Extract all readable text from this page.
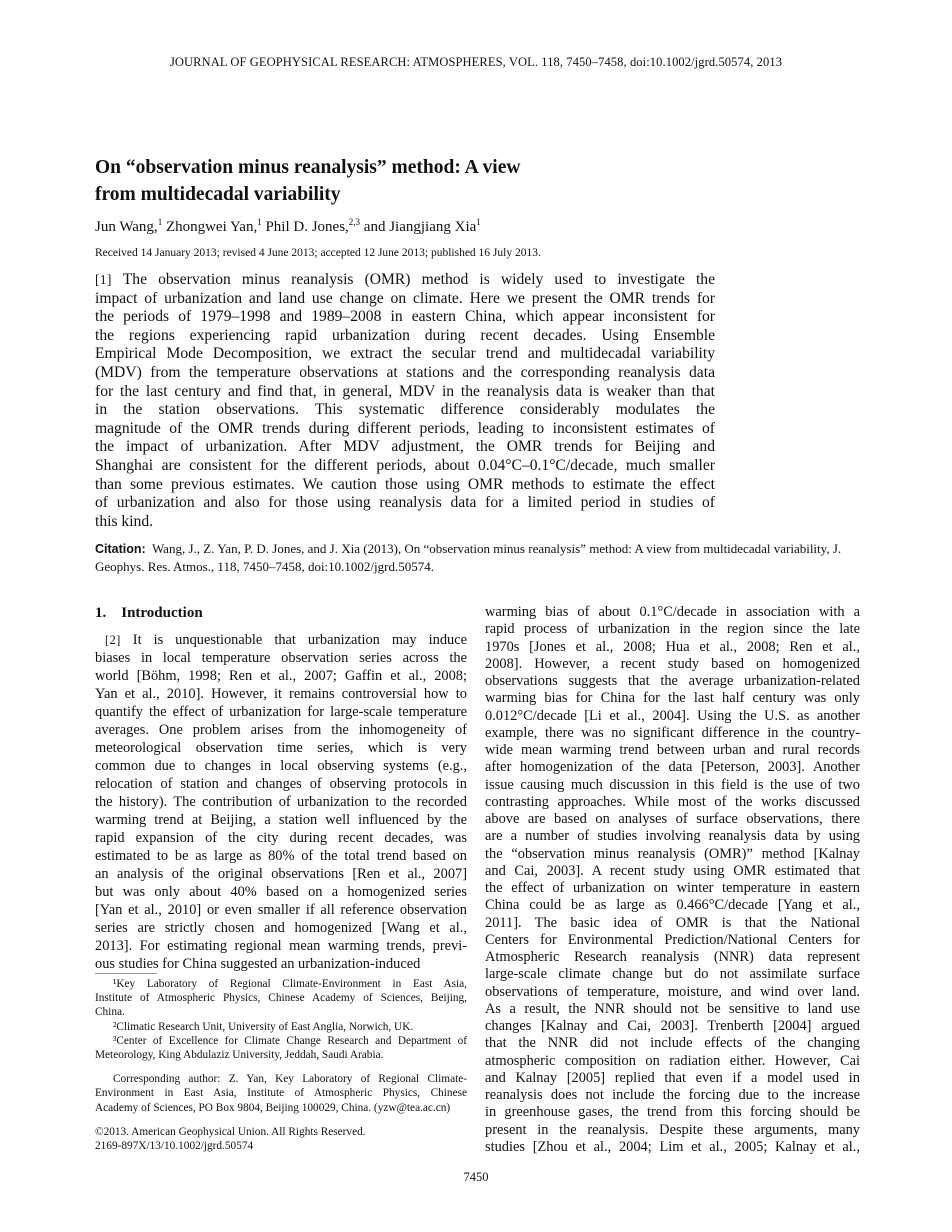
JOURNAL OF GEOPHYSICAL RESEARCH: ATMOSPHERES, VOL. 118, 7450–7458, doi:10.1002/jgrd.50574, 2013
On “observation minus reanalysis” method: A view
from multidecadal variability
Jun Wang,$^1$ Zhongwei Yan,$^1$ Phil D. Jones,$^{2,3}$ and Jiangjiang Xia$^1$
Received 14 January 2013; revised 4 June 2013; accepted 12 June 2013; published 16 July 2013.
[1] The observation minus reanalysis (OMR) method is widely used to investigate the
impact of urbanization and land use change on climate. Here we present the OMR trends for
the periods of 1979–1998 and 1989–2008 in eastern China, which appear inconsistent for
the regions experiencing rapid urbanization during recent decades. Using Ensemble
Empirical Mode Decomposition, we extract the secular trend and multidecadal variability
(MDV) from the temperature observations at stations and the corresponding reanalysis data
for the last century and find that, in general, MDV in the reanalysis data is weaker than that
in the station observations. This systematic difference considerably modulates the
magnitude of the OMR trends during different periods, leading to inconsistent estimates of
the impact of urbanization. After MDV adjustment, the OMR trends for Beijing and
Shanghai are consistent for the different periods, about 0.04°C–0.1°C/decade, much smaller
than some previous estimates. We caution those using OMR methods to estimate the effect
of urbanization and also for those using reanalysis data for a limited period in studies of
this kind.
Citation: Wang, J., Z. Yan, P. D. Jones, and J. Xia (2013), On “observation minus reanalysis” method: A view from multidecadal variability, J. Geophys. Res. Atmos., 118, 7450–7458, doi:10.1002/jgrd.50574.
1.    Introduction
[2] It is unquestionable that urbanization may induce
biases in local temperature observation series across the
world [Böhm, 1998; Ren et al., 2007; Gaffin et al., 2008;
Yan et al., 2010]. However, it remains controversial how to
quantify the effect of urbanization for large-scale temperature
averages. One problem arises from the inhomogeneity of
meteorological observation time series, which is very
common due to changes in local observing systems (e.g.,
relocation of station and changes of observing protocols in
the history). The contribution of urbanization to the recorded
warming trend at Beijing, a station well influenced by the
rapid expansion of the city during recent decades, was
estimated to be as large as 80% of the total trend based on
an analysis of the original observations [Ren et al., 2007]
but was only about 40% based on a homogenized series
[Yan et al., 2010] or even smaller if all reference observation
series are strictly chosen and homogenized [Wang et al.,
2013]. For estimating regional mean warming trends, previ-
ous studies for China suggested an urbanization-induced
¹Key Laboratory of Regional Climate-Environment in East Asia,
Institute of Atmospheric Physics, Chinese Academy of Sciences, Beijing,
China.
²Climatic Research Unit, University of East Anglia, Norwich, UK.
³Center of Excellence for Climate Change Research and Department of
Meteorology, King Abdulaziz University, Jeddah, Saudi Arabia.
Corresponding author: Z. Yan, Key Laboratory of Regional Climate-
Environment in East Asia, Institute of Atmospheric Physics, Chinese
Academy of Sciences, PO Box 9804, Beijing 100029, China. (yzw@tea.ac.cn)
©2013. American Geophysical Union. All Rights Reserved.
2169-897X/13/10.1002/jgrd.50574
warming bias of about 0.1°C/decade in association with a
rapid process of urbanization in the region since the late
1970s [Jones et al., 2008; Hua et al., 2008; Ren et al.,
2008]. However, a recent study based on homogenized
observations suggests that the average urbanization-related
warming bias for China for the last half century was only
0.012°C/decade [Li et al., 2004]. Using the U.S. as another
example, there was no significant difference in the country-
wide mean warming trend between urban and rural records
after homogenization of the data [Peterson, 2003]. Another
issue causing much discussion in this field is the use of two
contrasting approaches. While most of the works discussed
above are based on analyses of surface observations, there
are a number of studies involving reanalysis data by using
the “observation minus reanalysis (OMR)” method [Kalnay
and Cai, 2003]. A recent study using OMR estimated that
the effect of urbanization on winter temperature in eastern
China could be as large as 0.466°C/decade [Yang et al.,
2011]. The basic idea of OMR is that the National
Centers for Environmental Prediction/National Centers for
Atmospheric Research reanalysis (NNR) data represent
large-scale climate change but do not assimilate surface
observations of temperature, moisture, and wind over land.
As a result, the NNR should not be sensitive to land use
changes [Kalnay and Cai, 2003]. Trenberth [2004] argued
that the NNR did not include effects of the changing
atmospheric composition on radiation either. However, Cai
and Kalnay [2005] replied that even if a model used in
reanalysis does not include the forcing due to the increase
in greenhouse gases, the trend from this forcing should be
present in the reanalysis. Despite these arguments, many
studies [Zhou et al., 2004; Lim et al., 2005; Kalnay et al.,
7450
